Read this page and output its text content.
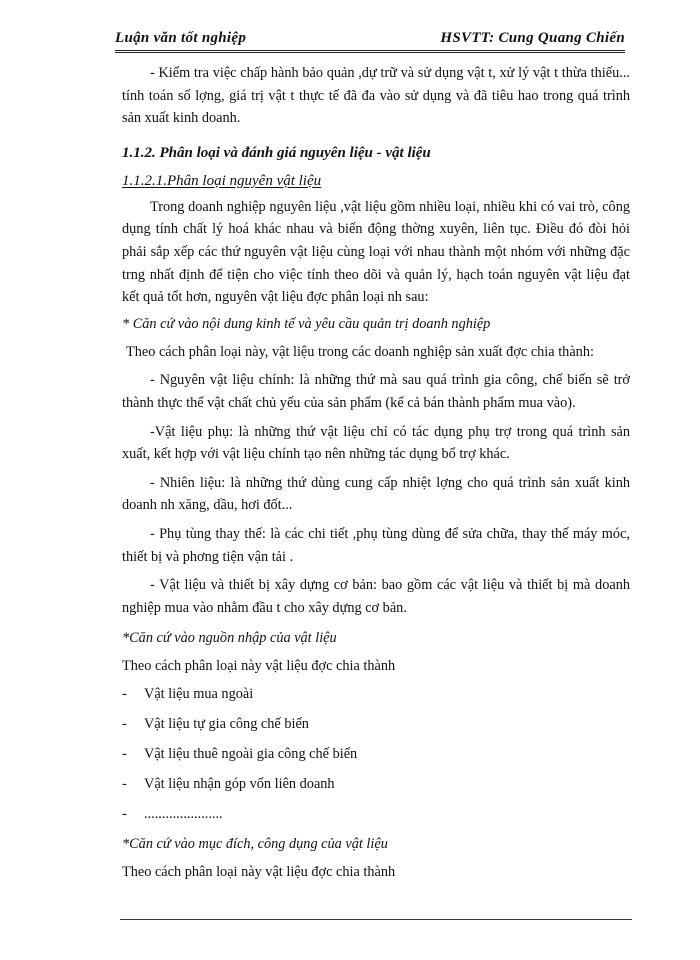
Luận văn tốt nghiệp	HSVTT: Cung Quang Chiến

- Kiểm tra việc chấp hành bảo quản ,dự trữ và sử dụng vật t, xử lý vật t thừa thiếu... tính toán số lợng, giá trị vật t thực tế đã đa vào sử dụng và đã tiêu hao trong quá trình sản xuất kinh doanh.

1.1.2. Phân loại và đánh giá nguyên liệu - vật liệu

1.1.2.1.Phân loại nguyên vật liệu

Trong doanh nghiệp nguyên liệu ,vật liệu gồm nhiều loại, nhiều khi có vai trò, công dụng tính chất lý hoá khác nhau và biến động thờng xuyên, liên tục. Điều đó đòi hỏi phải sắp xếp các thứ nguyên vật liệu cùng loại với nhau thành một nhóm với những đặc trng nhất định để tiện cho việc tính theo dõi và quản lý, hạch toán nguyên vật liệu đạt kết quả tốt hơn, nguyên vật liệu đợc phân loại nh sau:

* Căn cứ vào nội dung kinh tế và yêu cầu quản trị doanh nghiệp

Theo cách phân loại này, vật liệu trong các doanh nghiệp sản xuất đợc chia thành:

- Nguyên vật liệu chính: là những thứ mà sau quá trình gia công, chế biến sẽ trở thành thực thể vật chất chủ yếu của sản phẩm (kể cả bán thành phẩm mua vào).

-Vật liệu phụ: là những thứ vật liệu chỉ có tác dụng phụ trợ trong quá trình sản xuất, kết hợp với vật liệu chính tạo nên những tác dụng bổ trợ khác.

- Nhiên liệu: là những thứ dùng cung cấp nhiệt lợng cho quá trình sản xuất kinh doanh nh xăng, dầu, hơi đốt...

- Phụ tùng thay thế: là các chi tiết ,phụ tùng dùng để sửa chữa, thay thế máy móc, thiết bị và phơng tiện vận tải .

- Vật liệu và thiết bị xây dựng cơ bản: bao gồm các vật liệu và thiết bị mà doanh nghiệp mua vào nhằm đầu t cho xây dựng cơ bản.

*Căn cứ vào nguồn nhập của vật liệu

Theo cách phân loại này vật liệu đợc chia thành

- Vật liệu mua ngoài
- Vật liệu tự gia công chế biến
- Vật liệu thuê ngoài gia công chế biến
- Vật liệu nhận góp vốn liên doanh
- ......................

*Căn cứ vào mục đích, công dụng của vật liệu

Theo cách phân loại này vật liệu đợc chia thành
